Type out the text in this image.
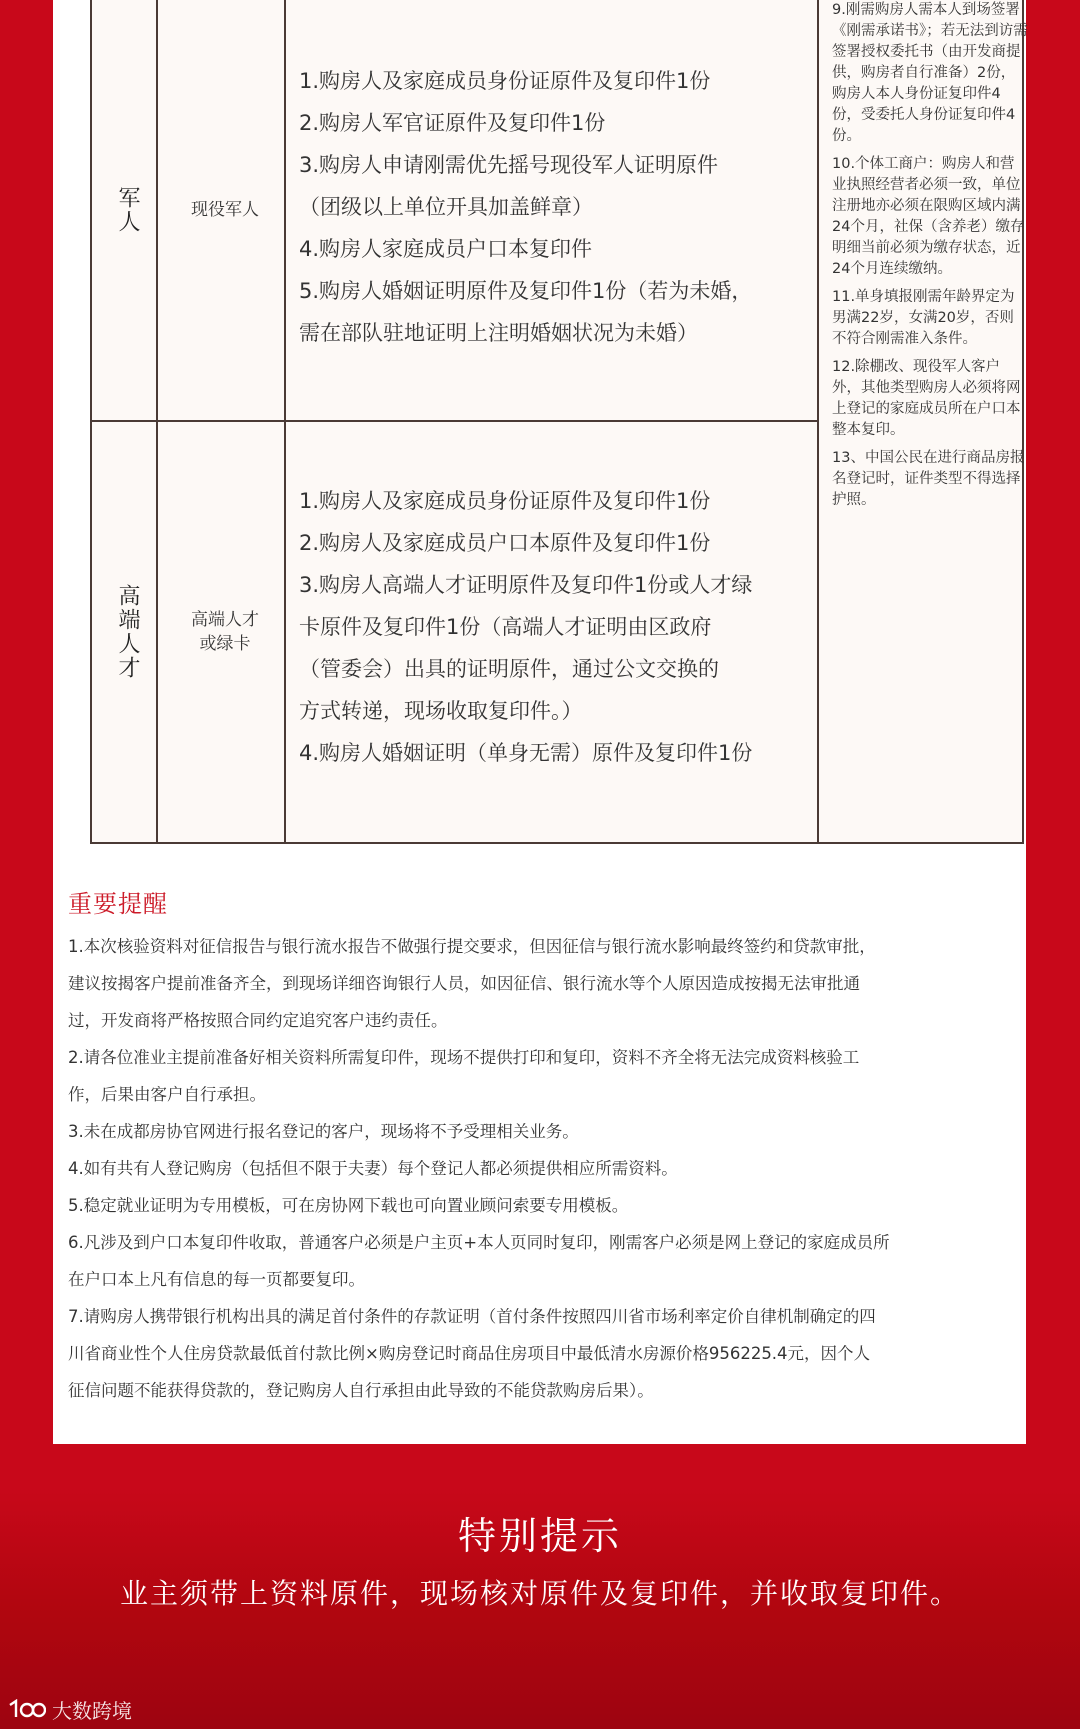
军人	现役军人
1.购房人及家庭成员身份证原件及复印件1份
2.购房人军官证原件及复印件1份
3.购房人申请刚需优先摇号现役军人证明原件
（团级以上单位开具加盖鲜章）
4.购房人家庭成员户口本复印件
5.购房人婚姻证明原件及复印件1份（若为未婚，
需在部队驻地证明上注明婚姻状况为未婚）
高端人才	高端人才
或绿卡
1.购房人及家庭成员身份证原件及复印件1份
2.购房人及家庭成员户口本原件及复印件1份
3.购房人高端人才证明原件及复印件1份或人才绿
卡原件及复印件1份（高端人才证明由区政府
（管委会）出具的证明原件，通过公文交换的
方式转递，现场收取复印件。）
4.购房人婚姻证明（单身无需）原件及复印件1份

9.刚需购房人需本人到场签署《刚需承诺书》；若无法到访需签署授权委托书（由开发商提供，购房者自行准备）2份，购房人本人身份证复印件4份，受委托人身份证复印件4份。

10.个体工商户：购房人和营业执照经营者必须一致，单位注册地亦必须在限购区域内满24个月，社保（含养老）缴存明细当前必须为缴存状态，近24个月连续缴纳。

11.单身填报刚需年龄界定为男满22岁，女满20岁，否则不符合刚需准入条件。

12.除棚改、现役军人客户外，其他类型购房人必须将网上登记的家庭成员所在户口本整本复印。

13、中国公民在进行商品房报名登记时，证件类型不得选择护照。

重要提醒
1.本次核验资料对征信报告与银行流水报告不做强行提交要求，但因征信与银行流水影响最终签约和贷款审批，
建议按揭客户提前准备齐全，到现场详细咨询银行人员，如因征信、银行流水等个人原因造成按揭无法审批通
过，开发商将严格按照合同约定追究客户违约责任。
2.请各位准业主提前准备好相关资料所需复印件，现场不提供打印和复印，资料不齐全将无法完成资料核验工
作，后果由客户自行承担。
3.未在成都房协官网进行报名登记的客户，现场将不予受理相关业务。
4.如有共有人登记购房（包括但不限于夫妻）每个登记人都必须提供相应所需资料。
5.稳定就业证明为专用模板，可在房协网下载也可向置业顾问索要专用模板。
6.凡涉及到户口本复印件收取，普通客户必须是户主页+本人页同时复印，刚需客户必须是网上登记的家庭成员所
在户口本上凡有信息的每一页都要复印。
7.请购房人携带银行机构出具的满足首付条件的存款证明（首付条件按照四川省市场利率定价自律机制确定的四
川省商业性个人住房贷款最低首付款比例×购房登记时商品住房项目中最低清水房源价格956225.4元，因个人
征信问题不能获得贷款的，登记购房人自行承担由此导致的不能贷款购房后果）。
特别提示
业主须带上资料原件，现场核对原件及复印件，并收取复印件。
大数跨境
